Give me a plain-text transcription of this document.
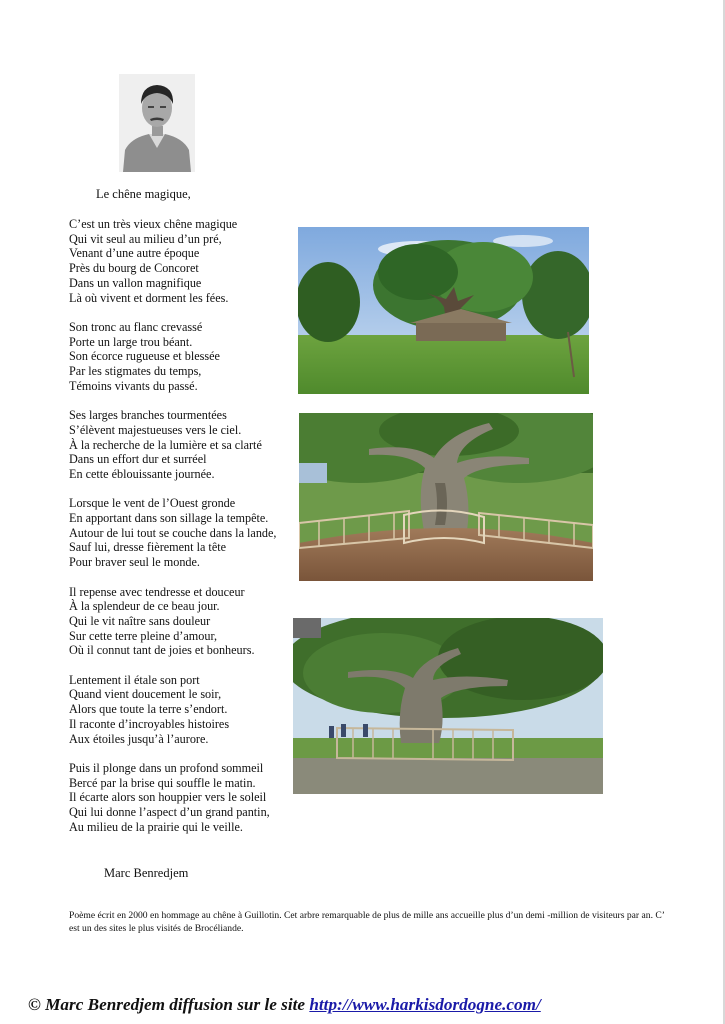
Le chêne magique,
C’est un très vieux chêne magique
Qui vit seul au milieu d’un pré,
Venant d’une autre époque
Près du bourg de Concoret
Dans un vallon magnifique
Là où vivent et dorment les fées.
Son tronc au flanc crevassé
Porte un large trou béant.
Son écorce rugueuse et blessée
Par les stigmates du temps,
Témoins vivants du passé.
Ses larges branches tourmentées
S’élèvent majestueuses vers le ciel.
À la recherche de la lumière et sa clarté
Dans un effort dur et surréel
En cette éblouissante journée.
Lorsque le vent de l’Ouest gronde
En apportant dans son sillage la tempête.
Autour de lui tout se couche dans la lande,
Sauf lui, dresse fièrement la tête
Pour braver seul le monde.
Il repense avec tendresse et douceur
À la splendeur de ce beau jour.
Qui le vit naître sans douleur
Sur cette terre pleine d’amour,
Où il connut tant de joies et bonheurs.
Lentement il étale son port
Quand vient doucement le soir,
Alors que toute la terre s’endort.
Il raconte d’incroyables histoires
Aux étoiles jusqu’à l’aurore.
Puis il plonge dans un profond sommeil
Bercé par la brise qui souffle le matin.
Il écarte alors son houppier vers le soleil
Qui lui donne l’aspect d’un grand pantin,
Au milieu de la prairie qui le veille.
Marc Benredjem
Poème écrit en 2000 en hommage au chêne à Guillotin. Cet arbre remarquable de plus de mille ans accueille plus d’un demi -million de visiteurs par an. C’ est un des sites le plus visités de Brocéliande.
© Marc Benredjem diffusion sur le site http://www.harkisdordogne.com/
